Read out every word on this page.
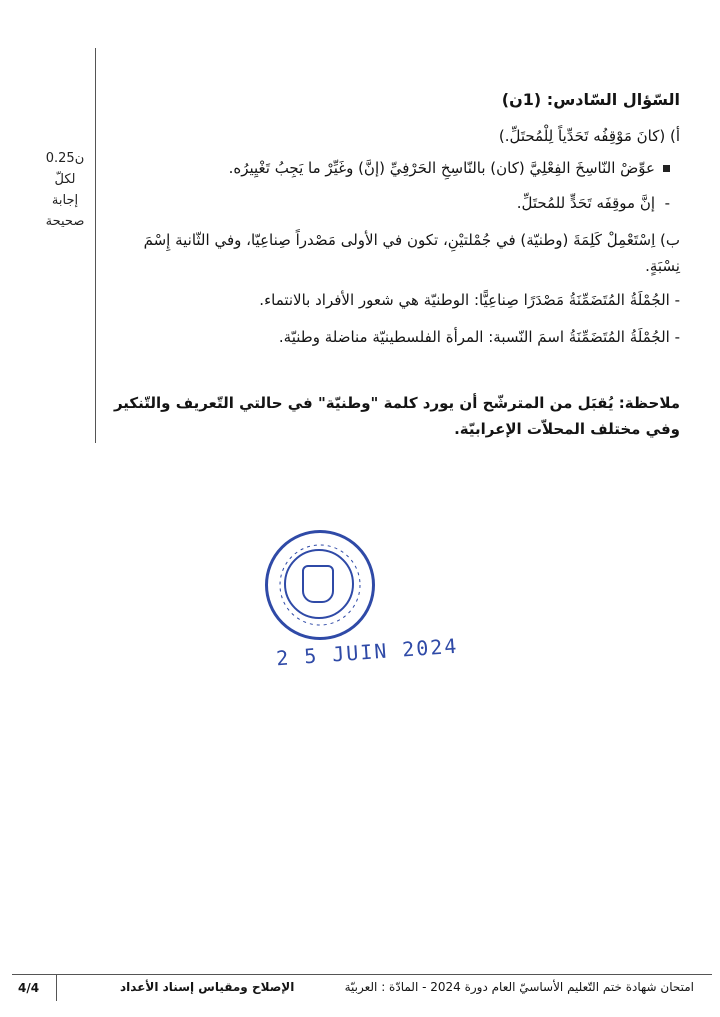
0.25ن
لكلّ
إجابة
صحيحة
السّؤال السّادس: (1ن)
أ) (كانَ مَوْقِفُه تَحَدِّياً لِلْمُحتَلِّ.)
عوِّضْ النّاسِخَ الفِعْلِيَّ (كان) بالنّاسِخِ الحَرْفِيِّ (إنَّ) وغَيِّرْ ما يَجِبُ تَغْيِيرُه.
-  إنَّ موقِفَه تَحَدٍّ للمُحتَلِّ.
ب) اِسْتَعْمِلْ كَلِمَةَ (وطنيّة) في جُمْلتيْنِ، تكون في الأولى مَصْدراً صِناعِيّا، وفي الثّانية إِسْمَ
نِسْبَةٍ.
- الجُمْلَةُ المُتَضَمِّنَةُ مَصْدَرًا صِناعِيًّا: الوطنيّة هي شعور الأفراد بالانتماء.
- الجُمْلَةُ المُتَضَمِّنَةُ اسمَ النّسبة: المرأة الفلسطينيّة مناضلة وطنيّة.
ملاحظة: يُقبَل من المترشّح أن يورد كلمة "وطنيّة" في حالتي التّعريف والتّنكير وفي مختلف المحلاّت الإعرابيّة.
2 5 JUIN 2024
4/4	الإصلاح ومقياس إسناد الأعداد	امتحان شهادة ختم التّعليم الأساسيّ العام دورة 2024 - المادّة : العربيّة
